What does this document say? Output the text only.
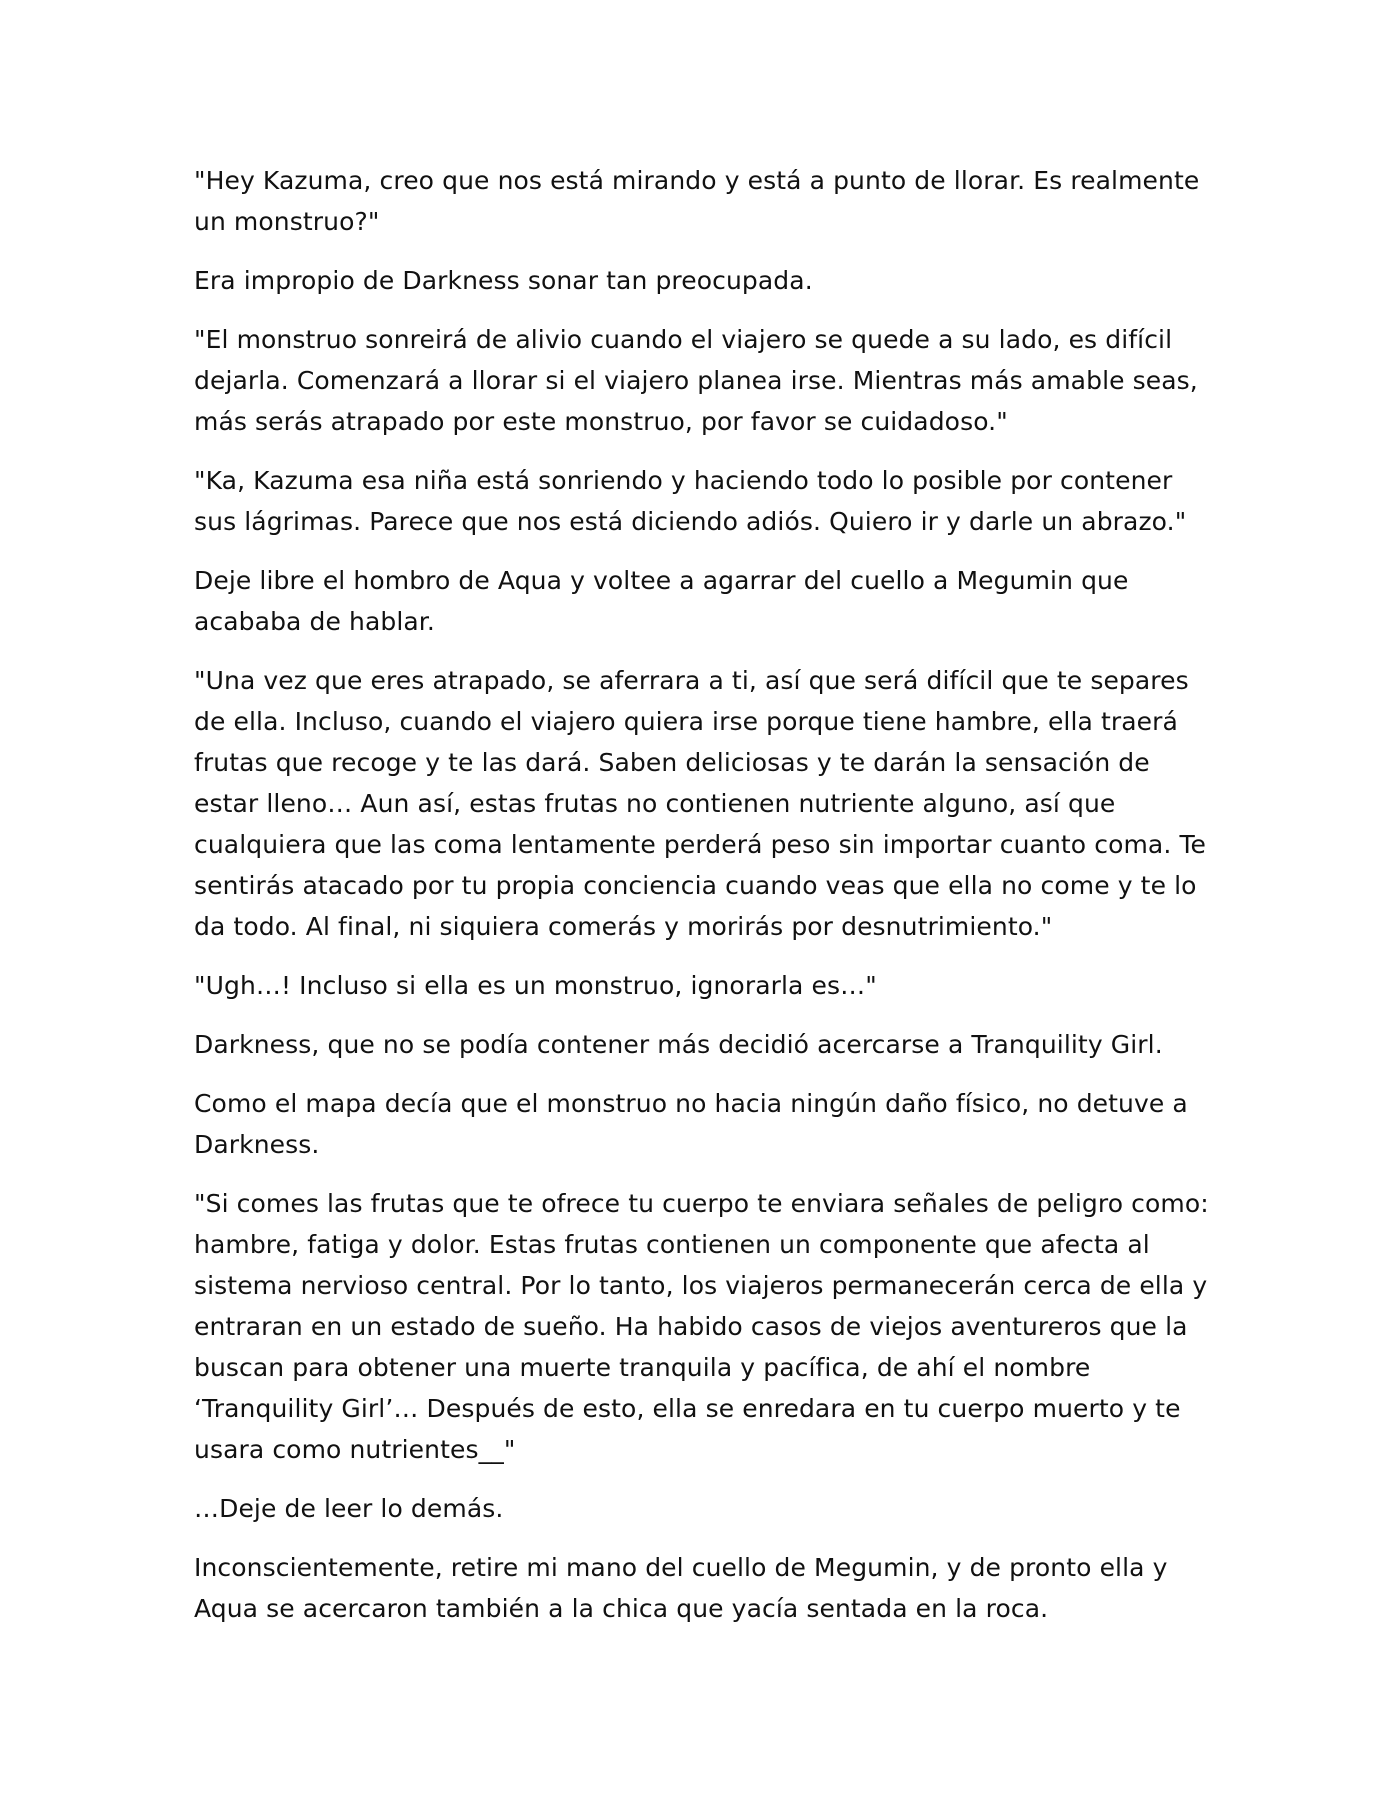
"Hey Kazuma, creo que nos está mirando y está a punto de llorar. Es realmente un monstruo?"

Era impropio de Darkness sonar tan preocupada.

"El monstruo sonreirá de alivio cuando el viajero se quede a su lado, es difícil dejarla. Comenzará a llorar si el viajero planea irse. Mientras más amable seas, más serás atrapado por este monstruo, por favor se cuidadoso."

"Ka, Kazuma esa niña está sonriendo y haciendo todo lo posible por contener sus lágrimas. Parece que nos está diciendo adiós. Quiero ir y darle un abrazo."

Deje libre el hombro de Aqua y voltee a agarrar del cuello a Megumin que acababa de hablar.

"Una vez que eres atrapado, se aferrara a ti, así que será difícil que te separes de ella. Incluso, cuando el viajero quiera irse porque tiene hambre, ella traerá frutas que recoge y te las dará. Saben deliciosas y te darán la sensación de estar lleno… Aun así, estas frutas no contienen nutriente alguno, así que cualquiera que las coma lentamente perderá peso sin importar cuanto coma. Te sentirás atacado por tu propia conciencia cuando veas que ella no come y te lo da todo. Al final, ni siquiera comerás y morirás por desnutrimiento."

"Ugh…! Incluso si ella es un monstruo, ignorarla es…"

Darkness, que no se podía contener más decidió acercarse a Tranquility Girl.

Como el mapa decía que el monstruo no hacia ningún daño físico, no detuve a Darkness.

"Si comes las frutas que te ofrece tu cuerpo te enviara señales de peligro como: hambre, fatiga y dolor. Estas frutas contienen un componente que afecta al sistema nervioso central. Por lo tanto, los viajeros permanecerán cerca de ella y entraran en un estado de sueño. Ha habido casos de viejos aventureros que la buscan para obtener una muerte tranquila y pacífica, de ahí el nombre ‘Tranquility Girl’… Después de esto, ella se enredara en tu cuerpo muerto y te usara como nutrientes__"

…Deje de leer lo demás.

Inconscientemente, retire mi mano del cuello de Megumin, y de pronto ella y Aqua se acercaron también a la chica que yacía sentada en la roca.
